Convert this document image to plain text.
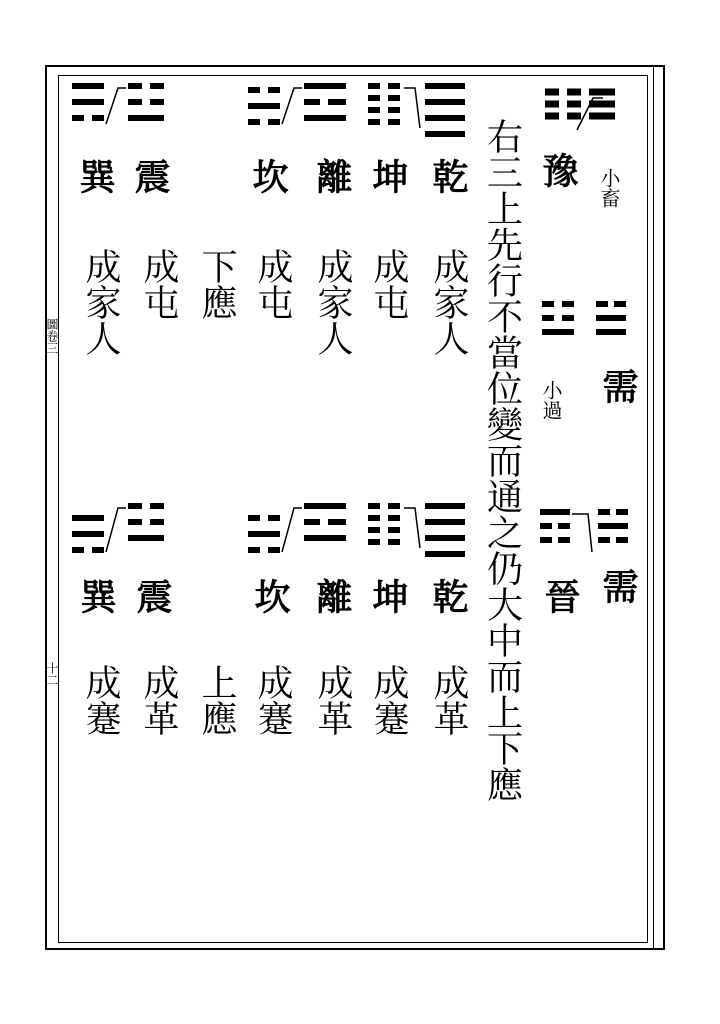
圖卷三
十二
豫 小畜
需
小過
晉 需
右三上先行不當位變而通之仍大中而上下應
乾
坤
離
坎
震
巽
成家人
成屯
成家人
成屯
下應
成屯
成家人
乾
坤
離
坎
震
巽
成革
成蹇
成革
成蹇
上應
成革
成蹇
